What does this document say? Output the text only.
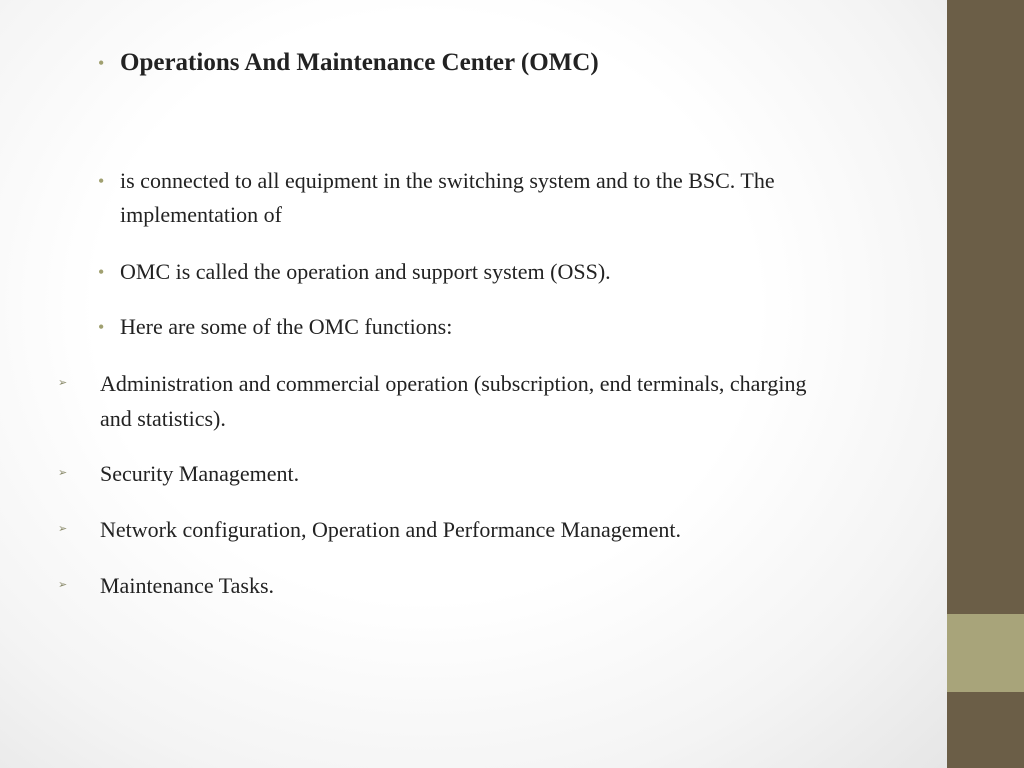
• Operations And Maintenance Center (OMC)
• is connected to all equipment in the switching system and to the BSC. The implementation of
• OMC is called the operation and support system (OSS).
• Here are some of the OMC functions:
➢	Administration and commercial operation (subscription, end terminals, charging and statistics).
➢	Security Management.
➢	Network configuration, Operation and Performance Management.
➢	Maintenance Tasks.
